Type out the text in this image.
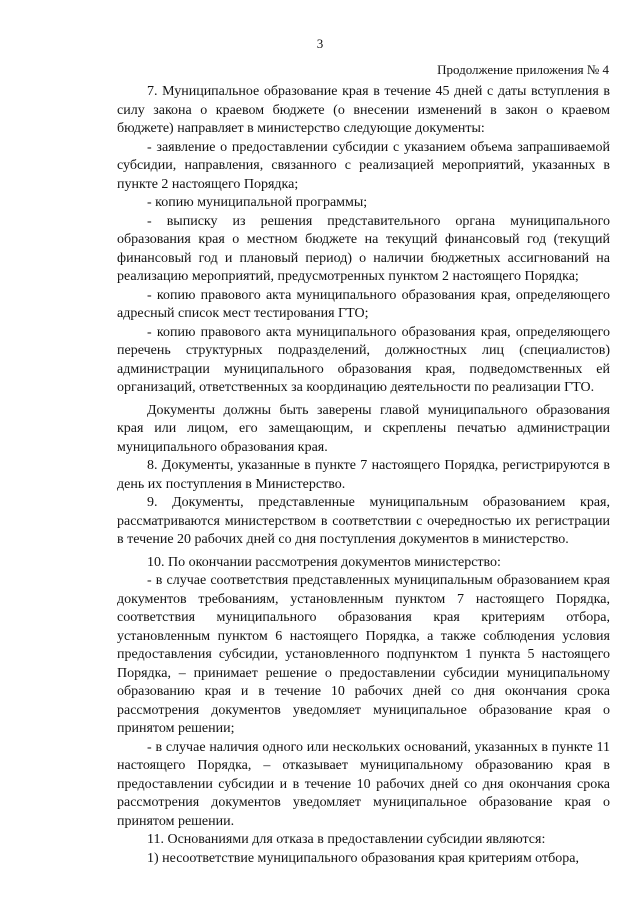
3
Продолжение приложения № 4

7. Муниципальное образование края в течение 45 дней с даты вступления в силу закона о краевом бюджете (о внесении изменений в закон о краевом бюджете) направляет в министерство следующие документы:

- заявление о предоставлении субсидии с указанием объема запрашиваемой субсидии, направления, связанного с реализацией мероприятий, указанных в пункте 2 настоящего Порядка;

- копию муниципальной программы;

- выписку из решения представительного органа муниципального образования края о местном бюджете на текущий финансовый год (текущий финансовый год и плановый период) о наличии бюджетных ассигнований на реализацию мероприятий, предусмотренных пунктом 2 настоящего Порядка;

- копию правового акта муниципального образования края, определяющего адресный список мест тестирования ГТО;

- копию правового акта муниципального образования края, определяющего перечень структурных подразделений, должностных лиц (специалистов) администрации муниципального образования края, подведомственных ей организаций, ответственных за координацию деятельности по реализации ГТО.

Документы должны быть заверены главой муниципального образования края или лицом, его замещающим, и скреплены печатью администрации муниципального образования края.

8. Документы, указанные в пункте 7 настоящего Порядка, регистрируются в день их поступления в Министерство.

9. Документы, представленные муниципальным образованием края, рассматриваются министерством в соответствии с очередностью их регистрации в течение 20 рабочих дней со дня поступления документов в министерство.

10. По окончании рассмотрения документов министерство:

- в случае соответствия представленных муниципальным образованием края документов требованиям, установленным пунктом 7 настоящего Порядка, соответствия муниципального образования края критериям отбора, установленным пунктом 6 настоящего Порядка, а также соблюдения условия предоставления субсидии, установленного подпунктом 1 пункта 5 настоящего Порядка, – принимает решение о предоставлении субсидии муниципальному образованию края и в течение 10 рабочих дней со дня окончания срока рассмотрения документов уведомляет муниципальное образование края о принятом решении;

- в случае наличия одного или нескольких оснований, указанных в пункте 11 настоящего Порядка, – отказывает муниципальному образованию края в предоставлении субсидии и в течение 10 рабочих дней со дня окончания срока рассмотрения документов уведомляет муниципальное образование края о принятом решении.

11. Основаниями для отказа в предоставлении субсидии являются:

1) несоответствие муниципального образования края критериям отбора,
